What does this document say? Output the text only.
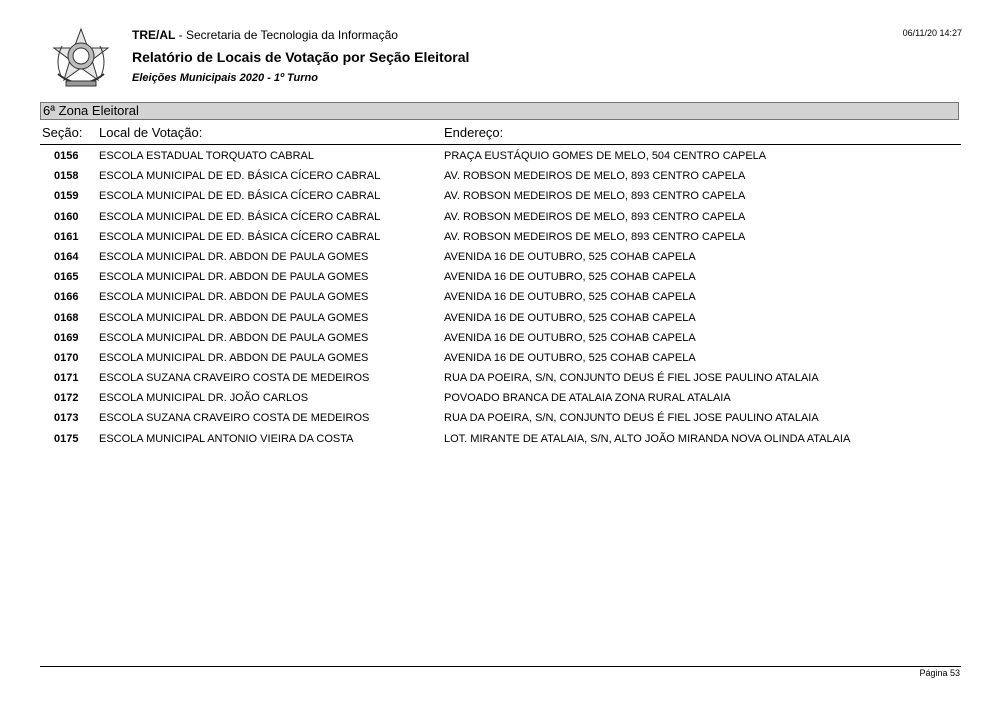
TRE/AL - Secretaria de Tecnologia da Informação
Relatório de Locais de Votação por Seção Eleitoral
Eleições Municipais 2020 - 1º Turno
06/11/20 14:27
6ª Zona Eleitoral
Seção: Local de Votação:	Endereço:
0156 ESCOLA ESTADUAL TORQUATO CABRAL	PRAÇA EUSTÁQUIO GOMES DE MELO, 504 CENTRO CAPELA
0158 ESCOLA MUNICIPAL DE ED. BÁSICA CÍCERO CABRAL	AV. ROBSON MEDEIROS DE MELO, 893 CENTRO CAPELA
0159 ESCOLA MUNICIPAL DE ED. BÁSICA CÍCERO CABRAL	AV. ROBSON MEDEIROS DE MELO, 893 CENTRO CAPELA
0160 ESCOLA MUNICIPAL DE ED. BÁSICA CÍCERO CABRAL	AV. ROBSON MEDEIROS DE MELO, 893 CENTRO CAPELA
0161 ESCOLA MUNICIPAL DE ED. BÁSICA CÍCERO CABRAL	AV. ROBSON MEDEIROS DE MELO, 893 CENTRO CAPELA
0164 ESCOLA MUNICIPAL DR. ABDON DE PAULA GOMES	AVENIDA 16 DE OUTUBRO, 525 COHAB CAPELA
0165 ESCOLA MUNICIPAL DR. ABDON DE PAULA GOMES	AVENIDA 16 DE OUTUBRO, 525 COHAB CAPELA
0166 ESCOLA MUNICIPAL DR. ABDON DE PAULA GOMES	AVENIDA 16 DE OUTUBRO, 525 COHAB CAPELA
0168 ESCOLA MUNICIPAL DR. ABDON DE PAULA GOMES	AVENIDA 16 DE OUTUBRO, 525 COHAB CAPELA
0169 ESCOLA MUNICIPAL DR. ABDON DE PAULA GOMES	AVENIDA 16 DE OUTUBRO, 525 COHAB CAPELA
0170 ESCOLA MUNICIPAL DR. ABDON DE PAULA GOMES	AVENIDA 16 DE OUTUBRO, 525 COHAB CAPELA
0171 ESCOLA SUZANA CRAVEIRO COSTA DE MEDEIROS	RUA DA POEIRA, S/N, CONJUNTO DEUS É FIEL JOSE PAULINO ATALAIA
0172 ESCOLA MUNICIPAL DR. JOÃO CARLOS	POVOADO BRANCA DE ATALAIA ZONA RURAL ATALAIA
0173 ESCOLA SUZANA CRAVEIRO COSTA DE MEDEIROS	RUA DA POEIRA, S/N, CONJUNTO DEUS É FIEL JOSE PAULINO ATALAIA
0175 ESCOLA MUNICIPAL ANTONIO VIEIRA DA COSTA	LOT. MIRANTE DE ATALAIA, S/N, ALTO JOÃO MIRANDA NOVA OLINDA ATALAIA
Página 53
